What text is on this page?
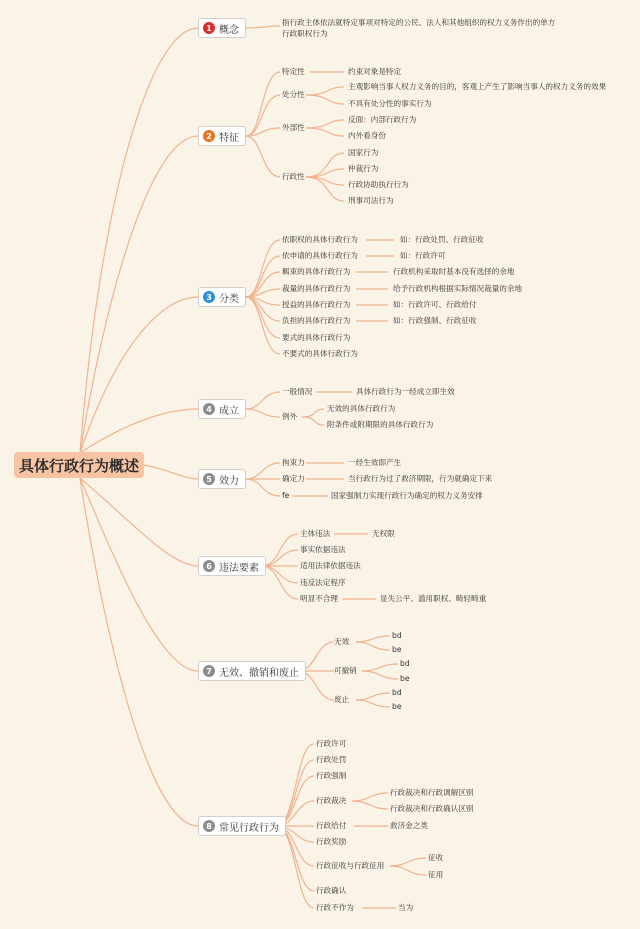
具体行政行为概述
1 概念
指行政主体依法就特定事项对特定的公民、法人和其他组织的权力义务作出的单方行政职权行为
2 特征
特定性	约束对象是特定
处分性
主观影响当事人权力义务的目的，客观上产生了影响当事人的权力义务的效果
不具有处分性的事实行为
外部性
反面：内部行政行为
内外看身份
行政性
国家行为
仲裁行为
行政协助执行行为
刑事司法行为
3 分类
依职权的具体行政行为	如：行政处罚、行政征收
依申请的具体行政行为	如：行政许可
羁束的具体行政行为	行政机构采取时基本没有选择的余地
裁量的具体行政行为	给予行政机构根据实际情况裁量的余地
授益的具体行政行为	如：行政许可、行政给付
负担的具体行政行为	如：行政强制、行政征收
要式的具体行政行为
不要式的具体行政行为
4 成立
一般情况	具体行政行为一经成立即生效
例外
无效的具体行政行为
附条件或附期限的具体行政行为
5 效力
拘束力	一经生效即产生
确定力	当行政行为过了救济期限，行为就确定下来
fe	国家强制力实现行政行为确定的权力义务安排
6 违法要素
主体违法	无权限
事实依据违法
适用法律依据违法
违反法定程序
明显不合理	显失公平、滥用职权、畸轻畸重
7 无效、撤销和废止
无效
bd
be
可撤销
bd
be
废止
bd
be
8 常见行政行为
行政许可
行政处罚
行政强制
行政裁决
行政裁决和行政调解区别
行政裁决和行政确认区别
行政给付	救济金之类
行政奖励
行政征收与行政征用
征收
征用
行政确认
行政不作为	当为
